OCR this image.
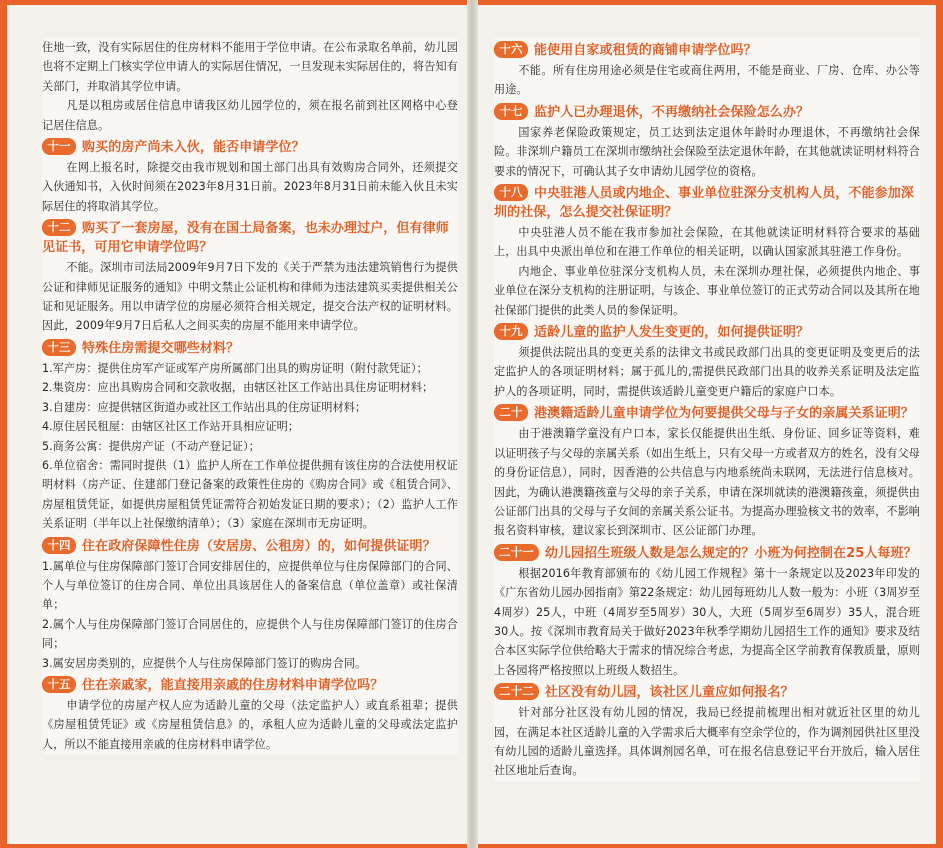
住地一致，没有实际居住的住房材料不能用于学位申请。在公布录取名单前，幼儿园也将不定期上门核实学位申请人的实际居住情况，一旦发现未实际居住的，将告知有关部门，并取消其学位申请。

凡是以租房或居住信息申请我区幼儿园学位的，须在报名前到社区网格中心登记居住信息。

十一 购买的房产尚未入伙，能否申请学位？

在网上报名时，除提交由我市规划和国土部门出具有效购房合同外，还须提交入伙通知书，入伙时间须在2023年8月31日前。2023年8月31日前未能入伙且未实际居住的将取消其学位。

十二 购买了一套房屋，没有在国土局备案，也未办理过户，但有律师见证书，可用它申请学位吗？

不能。深圳市司法局2009年9月7日下发的《关于严禁为违法建筑销售行为提供公证和律师见证服务的通知》中明文禁止公证机构和律师为违法建筑买卖提供相关公证和见证服务。用以申请学位的房屋必须符合相关规定，提交合法产权的证明材料。因此，2009年9月7日后私人之间买卖的房屋不能用来申请学位。

十三 特殊住房需提交哪些材料？

1.军产房：提供住房军产证或军产房所属部门出具的购房证明（附付款凭证）；

2.集资房：应出具购房合同和交款收据，由辖区社区工作站出具住房证明材料；

3.自建房：应提供辖区街道办或社区工作站出具的住房证明材料；

4.原住居民租屋：由辖区社区工作站开具相应证明；

5.商务公寓：提供房产证（不动产登记证）；

6.单位宿舍：需同时提供（1）监护人所在工作单位提供拥有该住房的合法使用权证明材料（房产证、住建部门登记备案的政策性住房的《购房合同》或《租赁合同》、房屋租赁凭证，如提供房屋租赁凭证需符合初始发证日期的要求）；（2）监护人工作关系证明（半年以上社保缴纳清单）；（3）家庭在深圳市无房证明。

十四 住在政府保障性住房（安居房、公租房）的，如何提供证明？

1.属单位与住房保障部门签订合同安排居住的，应提供单位与住房保障部门的合同、个人与单位签订的住房合同、单位出具该居住人的备案信息（单位盖章）或社保清单；

2.属个人与住房保障部门签订合同居住的，应提供个人与住房保障部门签订的住房合同；

3.属安居房类别的，应提供个人与住房保障部门签订的购房合同。

十五 住在亲戚家，能直接用亲戚的住房材料申请学位吗？

申请学位的房屋产权人应为适龄儿童的父母（法定监护人）或直系祖辈；提供《房屋租赁凭证》或《房屋租赁信息》的，承租人应为适龄儿童的父母或法定监护人，所以不能直接用亲戚的住房材料申请学位。

十六 能使用自家或租赁的商铺申请学位吗？

不能。所有住房用途必须是住宅或商住两用，不能是商业、厂房、仓库、办公等用途。

十七 监护人已办理退休，不再缴纳社会保险怎么办？

国家养老保险政策规定，员工达到法定退休年龄时办理退休，不再缴纳社会保险。非深圳户籍员工在深圳市缴纳社会保险至法定退休年龄，在其他就读证明材料符合要求的情况下，可确认其子女申请幼儿园学位的资格。

十八 中央驻港人员或内地企、事业单位驻深分支机构人员，不能参加深圳的社保，怎么提交社保证明？

中央驻港人员不能在我市参加社会保险，在其他就读证明材料符合要求的基础上，出具中央派出单位和在港工作单位的相关证明，以确认国家派其驻港工作身份。

内地企、事业单位驻深分支机构人员，未在深圳办理社保，必须提供内地企、事业单位在深分支机构的注册证明，与该企、事业单位签订的正式劳动合同以及其所在地社保部门提供的此类人员的参保证明。

十九 适龄儿童的监护人发生变更的，如何提供证明？

须提供法院出具的变更关系的法律文书或民政部门出具的变更证明及变更后的法定监护人的各项证明材料；属于孤儿的,需提供民政部门出具的收养关系证明及法定监护人的各项证明，同时，需提供该适龄儿童变更户籍后的家庭户口本。

二十 港澳籍适龄儿童申请学位为何要提供父母与子女的亲属关系证明？

由于港澳籍学童没有户口本，家长仅能提供出生纸、身份证、回乡证等资料，难以证明孩子与父母的亲属关系（如出生纸上，只有父母一方或者双方的姓名，没有父母的身份证信息），同时，因香港的公共信息与内地系统尚未联网，无法进行信息核对。因此，为确认港澳籍孩童与父母的亲子关系，申请在深圳就读的港澳籍孩童，须提供由公证部门出具的父母与子女间的亲属关系公证书。为提高办理验核文书的效率，不影响报名资料审核，建议家长到深圳市、区公证部门办理。

二十一 幼儿园招生班级人数是怎么规定的？小班为何控制在25人每班？

根据2016年教育部颁布的《幼儿园工作规程》第十一条规定以及2023年印发的《广东省幼儿园办园指南》第22条规定：幼儿园每班幼儿人数一般为：小班（3周岁至4周岁）25人，中班（4周岁至5周岁）30人，大班（5周岁至6周岁）35人，混合班30人。按《深圳市教育局关于做好2023年秋季学期幼儿园招生工作的通知》要求及结合本区实际学位供给略大于需求的情况综合考虑，为提高全区学前教育保教质量，原则上各园将严格按照以上班级人数招生。

二十二 社区没有幼儿园，该社区儿童应如何报名？

针对部分社区没有幼儿园的情况，我局已经提前梳理出相对就近社区里的幼儿园，在满足本社区适龄儿童的入学需求后大概率有空余学位的，作为调剂园供社区里没有幼儿园的适龄儿童选择。具体调剂园名单，可在报名信息登记平台开放后，输入居住社区地址后查询。
